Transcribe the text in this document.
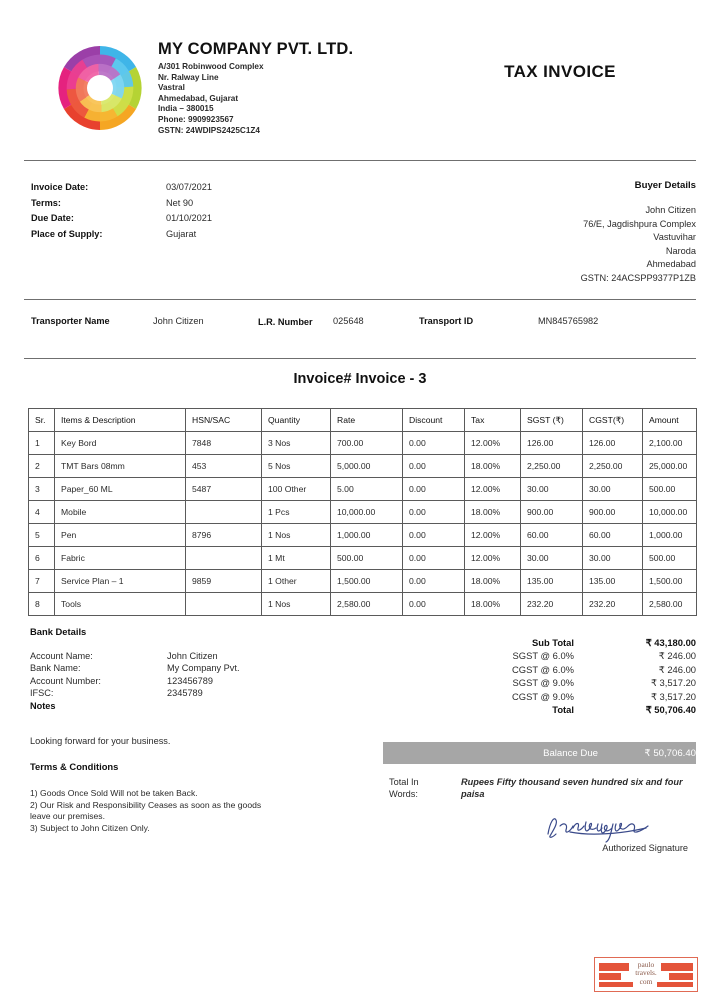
MY COMPANY PVT. LTD.
A/301 Robinwood Complex
Nr. Ralway Line
Vastral
Ahmedabad, Gujarat
India – 380015
Phone: 9909923567
GSTN: 24WDIPS2425C1Z4
TAX INVOICE
Invoice Date:	03/07/2021
Terms:	Net 90
Due Date:	01/10/2021
Place of Supply:	Gujarat
Buyer Details
John Citizen
76/E, Jagdishpura Complex
Vastuvihar
Naroda
Ahmedabad
GSTN: 24ACSPP9377P1ZB
Transporter Name	John Citizen	L.R. Number 025648	Transport ID	MN845765982
Invoice# Invoice - 3
Sr.	Items & Description	HSN/SAC	Quantity	Rate	Discount	Tax	SGST (₹)	CGST(₹)	Amount
1	Key Bord	7848	3 Nos	700.00	0.00	12.00%	126.00	126.00	2,100.00
2	TMT Bars 08mm	453	5 Nos	5,000.00	0.00	18.00%	2,250.00	2,250.00	25,000.00
3	Paper_60 ML	5487	100 Other	5.00	0.00	12.00%	30.00	30.00	500.00
4	Mobile		1 Pcs	10,000.00	0.00	18.00%	900.00	900.00	10,000.00
5	Pen	8796	1 Nos	1,000.00	0.00	12.00%	60.00	60.00	1,000.00
6	Fabric		1 Mt	500.00	0.00	12.00%	30.00	30.00	500.00
7	Service Plan – 1	9859	1 Other	1,500.00	0.00	18.00%	135.00	135.00	1,500.00
8	Tools		1 Nos	2,580.00	0.00	18.00%	232.20	232.20	2,580.00
Bank Details
Account Name:	John Citizen
Bank Name:	My Company Pvt.
Account Number:	123456789
IFSC:	2345789
Notes
Looking forward for your business.
Terms & Conditions
1) Goods Once Sold Will not be taken Back.
2) Our Risk and Responsibility Ceases as soon as the goods leave our premises.
3) Subject to John Citizen Only.
Sub Total	₹ 43,180.00
SGST @ 6.0%	₹ 246.00
CGST @ 6.0%	₹ 246.00
SGST @ 9.0%	₹ 3,517.20
CGST @ 9.0%	₹ 3,517.20
Total	₹ 50,706.40
Balance Due	₹ 50,706.40
Total In Words:
Rupees Fifty thousand seven hundred six and four paisa
Authorized Signature
paulo
travels.
com
